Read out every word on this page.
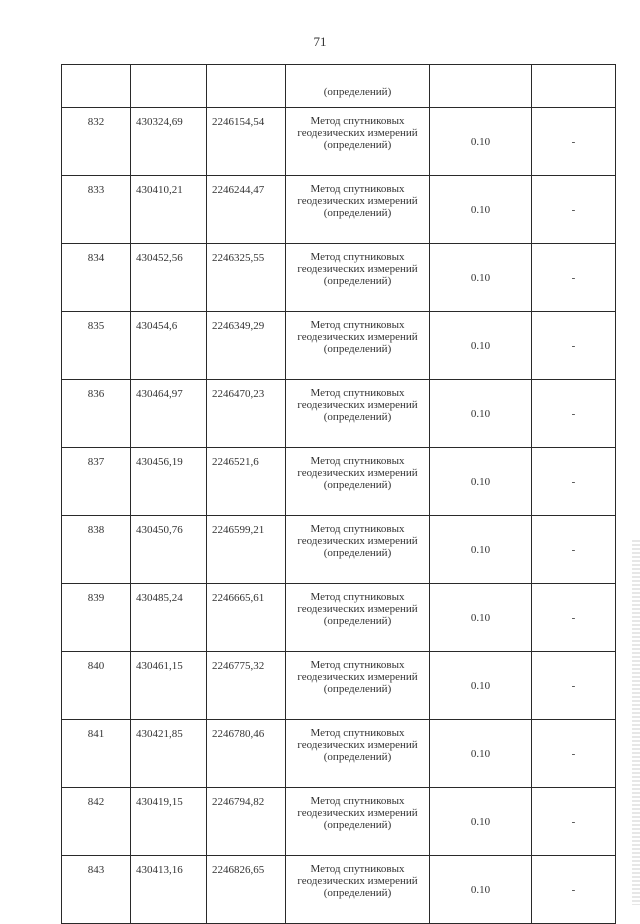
71
			(определений)		
832	430324,69	2246154,54	Метод спутниковых
геодезических измерений
(определений)	0.10	-
833	430410,21	2246244,47	Метод спутниковых
геодезических измерений
(определений)	0.10	-
834	430452,56	2246325,55	Метод спутниковых
геодезических измерений
(определений)	0.10	-
835	430454,6	2246349,29	Метод спутниковых
геодезических измерений
(определений)	0.10	-
836	430464,97	2246470,23	Метод спутниковых
геодезических измерений
(определений)	0.10	-
837	430456,19	2246521,6	Метод спутниковых
геодезических измерений
(определений)	0.10	-
838	430450,76	2246599,21	Метод спутниковых
геодезических измерений
(определений)	0.10	-
839	430485,24	2246665,61	Метод спутниковых
геодезических измерений
(определений)	0.10	-
840	430461,15	2246775,32	Метод спутниковых
геодезических измерений
(определений)	0.10	-
841	430421,85	2246780,46	Метод спутниковых
геодезических измерений
(определений)	0.10	-
842	430419,15	2246794,82	Метод спутниковых
геодезических измерений
(определений)	0.10	-
843	430413,16	2246826,65	Метод спутниковых
геодезических измерений
(определений)	0.10	-
